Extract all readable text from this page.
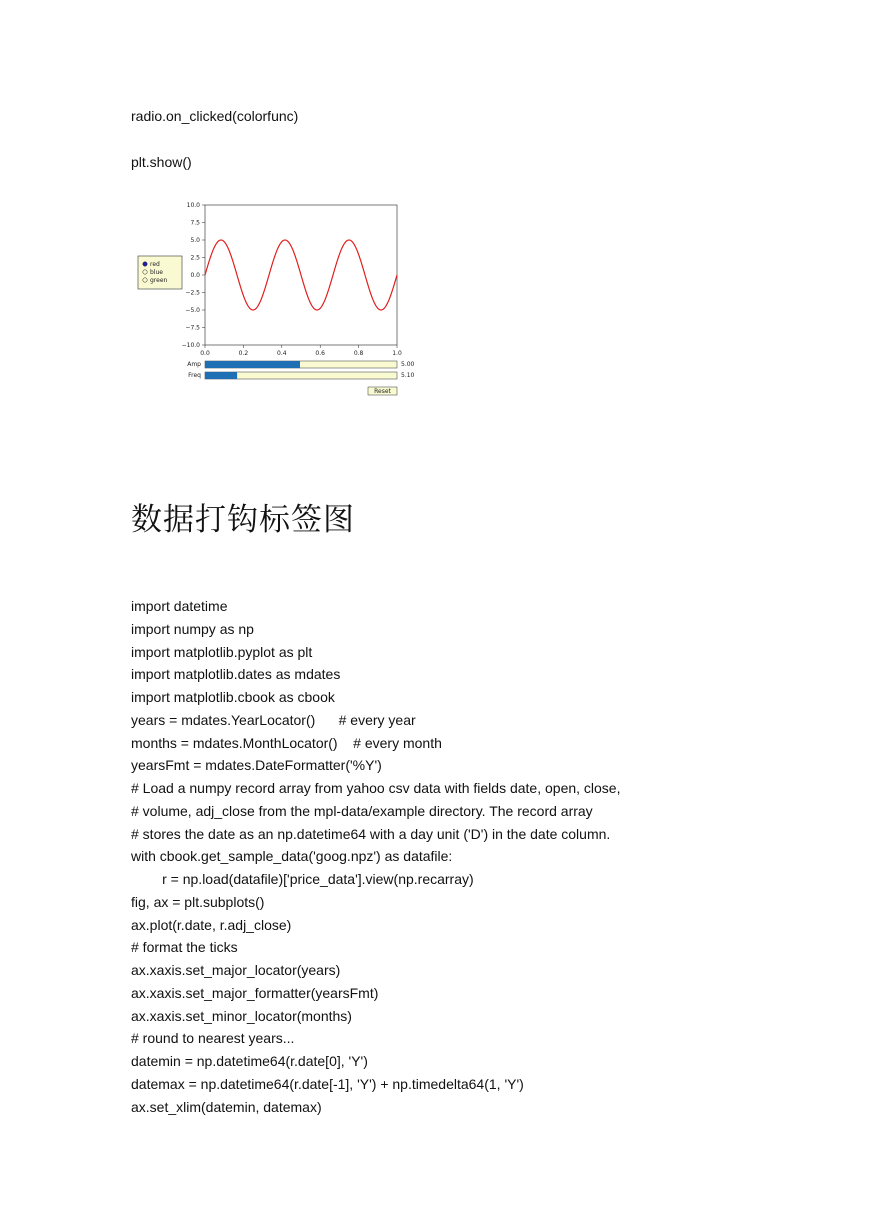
radio.on_clicked(colorfunc)
plt.show()
red
blue
green
10.0
7.5
5.0
2.5
0.0
−2.5
−5.0
−7.5
−10.0
0.0	0.2	0.4	0.6	0.8	1.0
Amp	5.00
Freq	5.10
Reset
数据打钩标签图
import datetime
import numpy as np
import matplotlib.pyplot as plt
import matplotlib.dates as mdates
import matplotlib.cbook as cbook
years = mdates.YearLocator()      # every year
months = mdates.MonthLocator()    # every month
yearsFmt = mdates.DateFormatter('%Y')
# Load a numpy record array from yahoo csv data with fields date, open, close,
# volume, adj_close from the mpl-data/example directory. The record array
# stores the date as an np.datetime64 with a day unit ('D') in the date column.
with cbook.get_sample_data('goog.npz') as datafile:
r = np.load(datafile)['price_data'].view(np.recarray)
fig, ax = plt.subplots()
ax.plot(r.date, r.adj_close)
# format the ticks
ax.xaxis.set_major_locator(years)
ax.xaxis.set_major_formatter(yearsFmt)
ax.xaxis.set_minor_locator(months)
# round to nearest years...
datemin = np.datetime64(r.date[0], 'Y')
datemax = np.datetime64(r.date[-1], 'Y') + np.timedelta64(1, 'Y')
ax.set_xlim(datemin, datemax)
